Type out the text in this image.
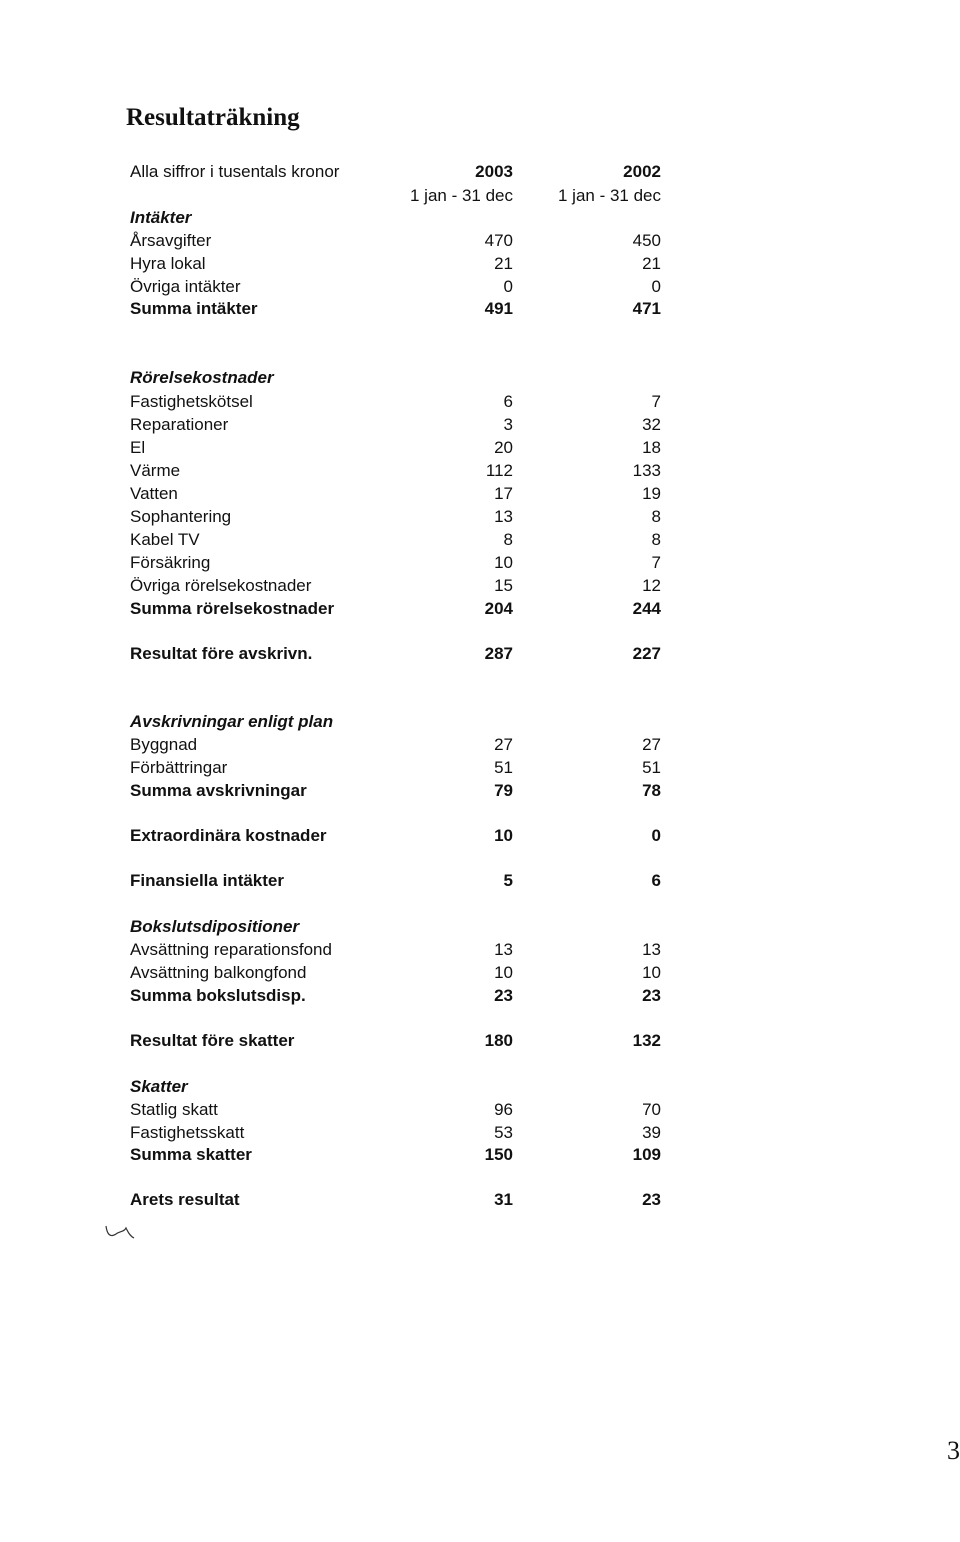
Resultaträkning
Alla siffror i tusentals kronor	2003	2002
1 jan - 31 dec	1 jan - 31 dec
Intäkter
Årsavgifter	470	450
Hyra lokal	21	21
Övriga intäkter	0	0
Summa intäkter	491	471
Rörelsekostnader
Fastighetskötsel	6	7
Reparationer	3	32
El	20	18
Värme	112	133
Vatten	17	19
Sophantering	13	8
Kabel TV	8	8
Försäkring	10	7
Övriga rörelsekostnader	15	12
Summa rörelsekostnader	204	244
Resultat före avskrivn.	287	227
Avskrivningar enligt plan
Byggnad	27	27
Förbättringar	51	51
Summa avskrivningar	79	78
Extraordinära kostnader	10	0
Finansiella intäkter	5	6
Bokslutsdipositioner
Avsättning reparationsfond	13	13
Avsättning balkongfond	10	10
Summa bokslutsdisp.	23	23
Resultat före skatter	180	132
Skatter
Statlig skatt	96	70
Fastighetsskatt	53	39
Summa skatter	150	109
Arets resultat	31	23
3
